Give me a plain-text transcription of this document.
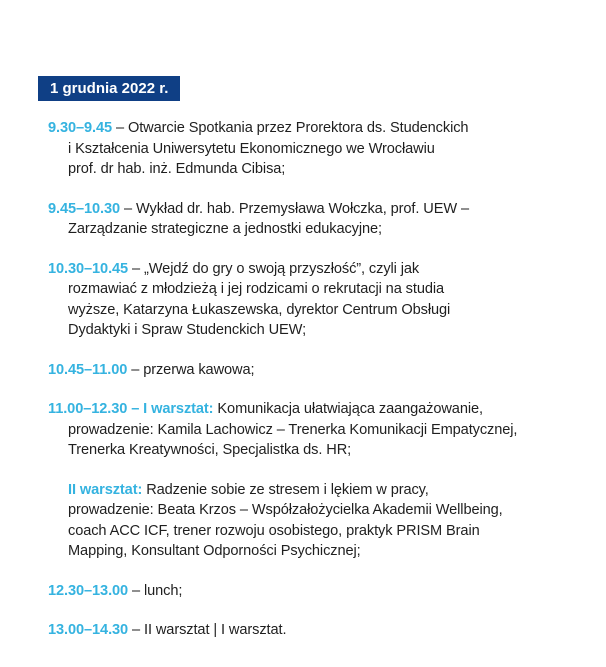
1 grudnia 2022 r.
9.30–9.45 – Otwarcie Spotkania przez Prorektora ds. Studenckich
i Kształcenia Uniwersytetu Ekonomicznego we Wrocławiu
prof. dr hab. inż. Edmunda Cibisa;
9.45–10.30 – Wykład dr. hab. Przemysława Wołczka, prof. UEW –
Zarządzanie strategiczne a jednostki edukacyjne;
10.30–10.45 – „Wejdź do gry o swoją przyszłość”, czyli jak
rozmawiać z młodzieżą i jej rodzicami o rekrutacji na studia
wyższe, Katarzyna Łukaszewska, dyrektor Centrum Obsługi
Dydaktyki i Spraw Studenckich UEW;
10.45–11.00 – przerwa kawowa;
11.00–12.30 – I warsztat: Komunikacja ułatwiająca zaangażowanie,
prowadzenie: Kamila Lachowicz – Trenerka Komunikacji Empatycznej,
Trenerka Kreatywności, Specjalistka ds. HR;
II warsztat: Radzenie sobie ze stresem i lękiem w pracy,
prowadzenie: Beata Krzos – Współzałożycielka Akademii Wellbeing,
coach ACC ICF, trener rozwoju osobistego, praktyk PRISM Brain
Mapping, Konsultant Odporności Psychicznej;
12.30–13.00 – lunch;
13.00–14.30 – II warsztat | I warsztat.
